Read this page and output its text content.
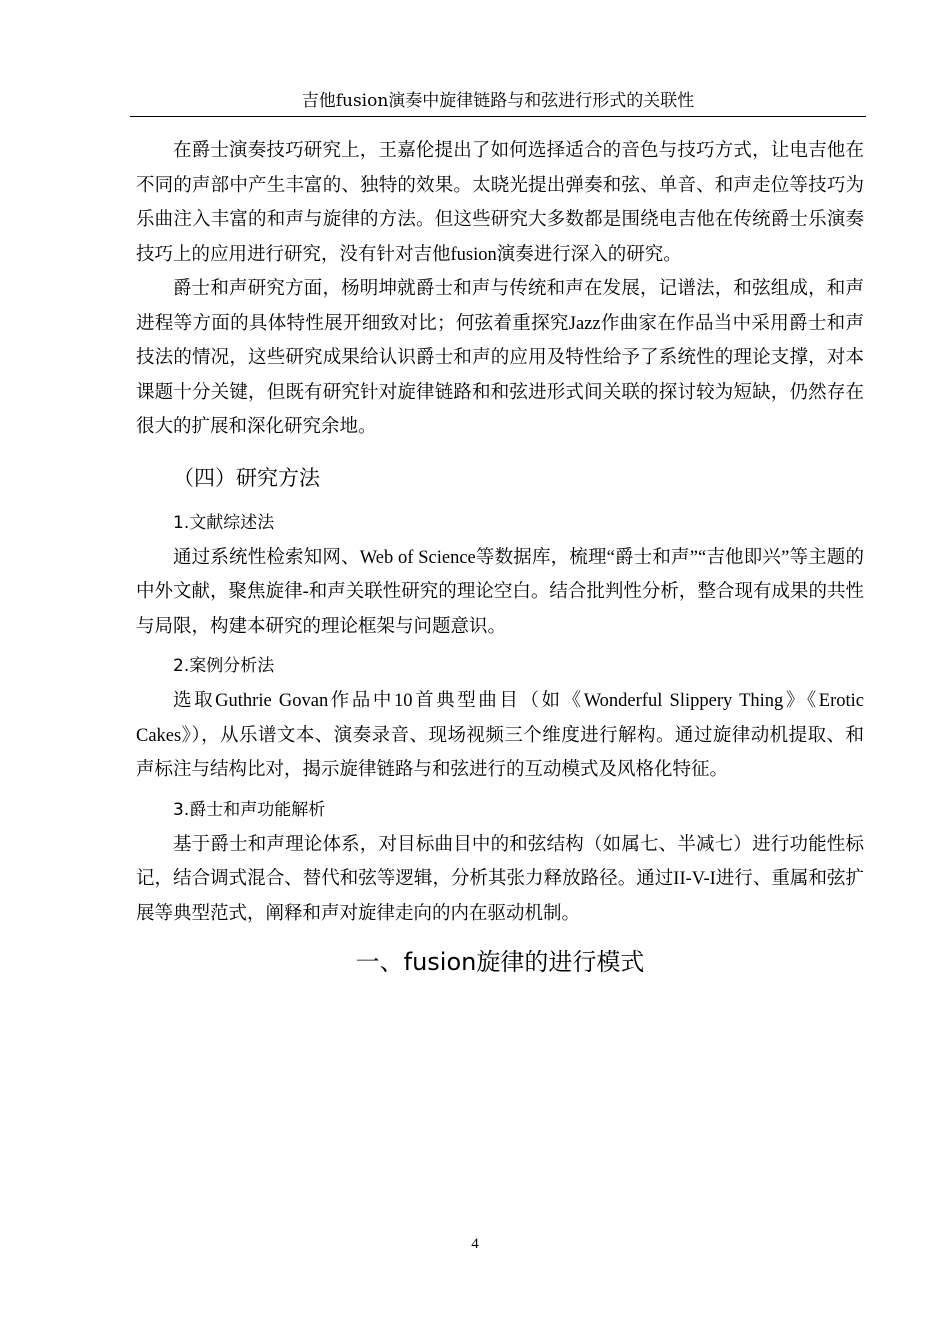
吉他fusion演奏中旋律链路与和弦进行形式的关联性

在爵士演奏技巧研究上，王嘉伦提出了如何选择适合的音色与技巧方式，让电吉他在不同的声部中产生丰富的、独特的效果。太晓光提出弹奏和弦、单音、和声走位等技巧为乐曲注入丰富的和声与旋律的方法。但这些研究大多数都是围绕电吉他在传统爵士乐演奏技巧上的应用进行研究，没有针对吉他fusion演奏进行深入的研究。

爵士和声研究方面，杨明坤就爵士和声与传统和声在发展，记谱法，和弦组成，和声进程等方面的具体特性展开细致对比；何弦着重探究Jazz作曲家在作品当中采用爵士和声技法的情况，这些研究成果给认识爵士和声的应用及特性给予了系统性的理论支撑，对本课题十分关键，但既有研究针对旋律链路和和弦进形式间关联的探讨较为短缺，仍然存在很大的扩展和深化研究余地。

（四）研究方法
1.文献综述法

通过系统性检索知网、Web of Science等数据库，梳理“爵士和声”“吉他即兴”等主题的中外文献，聚焦旋律-和声关联性研究的理论空白。结合批判性分析，整合现有成果的共性与局限，构建本研究的理论框架与问题意识。

2.案例分析法

选取Guthrie Govan作品中10首典型曲目（如《Wonderful Slippery Thing》《Erotic Cakes》），从乐谱文本、演奏录音、现场视频三个维度进行解构。通过旋律动机提取、和声标注与结构比对，揭示旋律链路与和弦进行的互动模式及风格化特征。

3.爵士和声功能解析

基于爵士和声理论体系，对目标曲目中的和弦结构（如属七、半减七）进行功能性标记，结合调式混合、替代和弦等逻辑，分析其张力释放路径。通过II-V-I进行、重属和弦扩展等典型范式，阐释和声对旋律走向的内在驱动机制。

一、fusion旋律的进行模式
4
